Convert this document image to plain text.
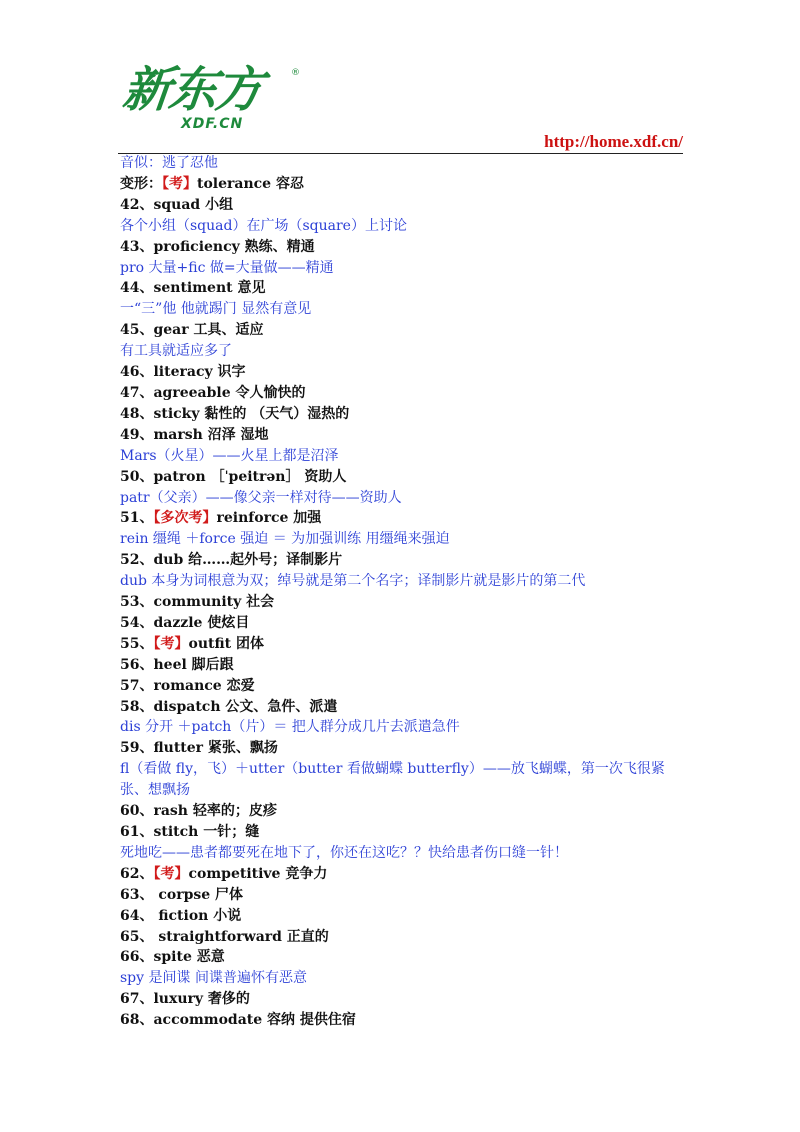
新东方	®
XDF.CN
http://home.xdf.cn/
音似：逃了忍他
变形：【考】tolerance 容忍
42、squad 小组
各个小组（squad）在广场（square）上讨论
43、proficiency 熟练、精通
pro 大量+fic 做=大量做——精通
44、sentiment 意见
一“三”他 他就踢门 显然有意见
45、gear 工具、适应
有工具就适应多了
46、literacy 识字
47、agreeable 令人愉快的
48、sticky 黏性的 （天气）湿热的
49、marsh 沼泽 湿地
Mars（火星）——火星上都是沼泽
50、patron ［ˈpeitrən］ 资助人
patr（父亲）——像父亲一样对待——资助人
51、【多次考】reinforce 加强
rein 缰绳 ＋force 强迫 ＝ 为加强训练 用缰绳来强迫
52、dub 给……起外号；译制影片
dub 本身为词根意为双；绰号就是第二个名字；译制影片就是影片的第二代
53、community 社会
54、dazzle 使炫目
55、【考】outfit 团体
56、heel 脚后跟
57、romance 恋爱
58、dispatch 公文、急件、派遣
dis 分开 ＋patch（片）＝ 把人群分成几片去派遣急件
59、flutter 紧张、飘扬
fl（看做 fly，飞）＋utter（butter 看做蝴蝶 butterfly）——放飞蝴蝶，第一次飞很紧张、想飘扬
60、rash 轻率的；皮疹
61、stitch 一针；缝
死地吃——患者都要死在地下了，你还在这吃？？快给患者伤口缝一针！
62、【考】competitive 竞争力
63、 corpse 尸体
64、 fiction 小说
65、 straightforward 正直的
66、spite 恶意
spy 是间谍 间谍普遍怀有恶意
67、luxury 奢侈的
68、accommodate 容纳 提供住宿
